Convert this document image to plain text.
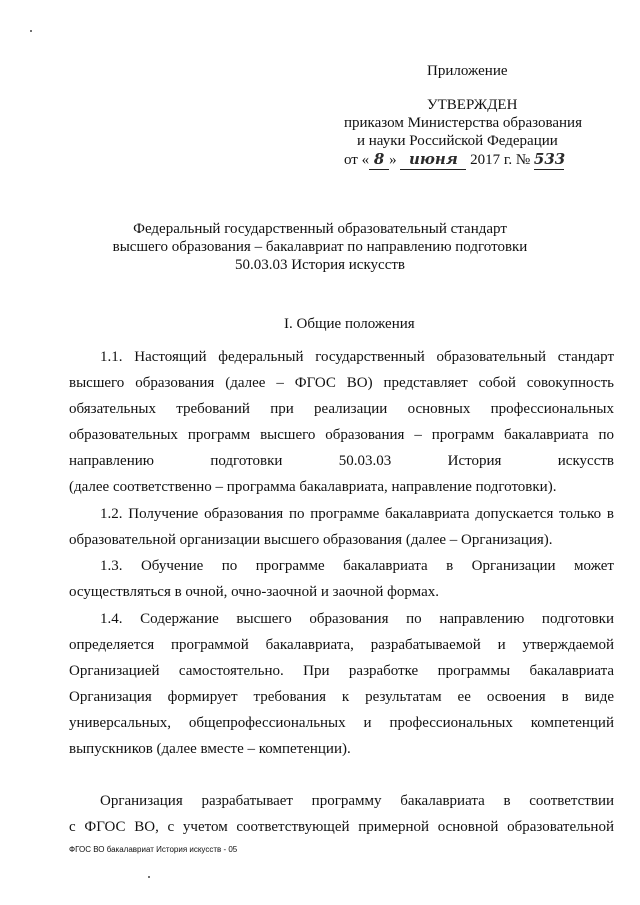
Приложение
УТВЕРЖДЕН
приказом Министерства образования
и науки Российской Федерации
от « 8 » июня 2017 г. № 533
Федеральный государственный образовательный стандарт
высшего образования – бакалавриат по направлению подготовки
50.03.03 История искусств
I. Общие положения
1.1. Настоящий федеральный государственный образовательный стандарт
высшего образования (далее – ФГОС ВО) представляет собой совокупность
обязательных требований при реализации основных профессиональных
образовательных программ высшего образования – программ бакалавриата по
направлению подготовки 50.03.03 История искусств
(далее соответственно – программа бакалавриата, направление подготовки).
1.2. Получение образования по программе бакалавриата допускается только в
образовательной организации высшего образования (далее – Организация).
1.3. Обучение по программе бакалавриата в Организации может
осуществляться в очной, очно-заочной и заочной формах.
1.4. Содержание высшего образования по направлению подготовки
определяется программой бакалавриата, разрабатываемой и утверждаемой
Организацией самостоятельно. При разработке программы бакалавриата
Организация формирует требования к результатам ее освоения в виде
универсальных, общепрофессиональных и профессиональных компетенций
выпускников (далее вместе – компетенции).
Организация разрабатывает программу бакалавриата в соответствии
с ФГОС ВО, с учетом соответствующей примерной основной образовательной
ФГОС ВО бакалавриат История искусств - 05
